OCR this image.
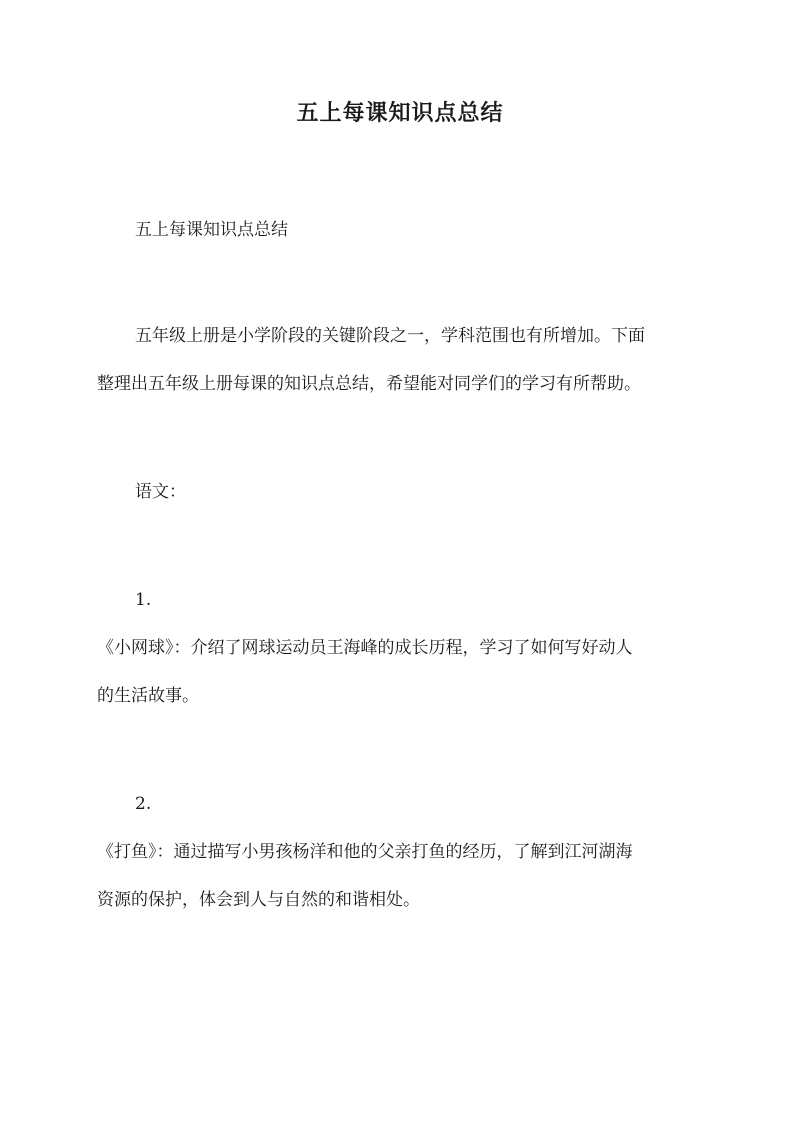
五上每课知识点总结
五上每课知识点总结
五年级上册是小学阶段的关键阶段之一，学科范围也有所增加。下面
整理出五年级上册每课的知识点总结，希望能对同学们的学习有所帮助。
语文：
1.
《小网球》：介绍了网球运动员王海峰的成长历程，学习了如何写好动人
的生活故事。
2.
《打鱼》：通过描写小男孩杨洋和他的父亲打鱼的经历，了解到江河湖海
资源的保护，体会到人与自然的和谐相处。
